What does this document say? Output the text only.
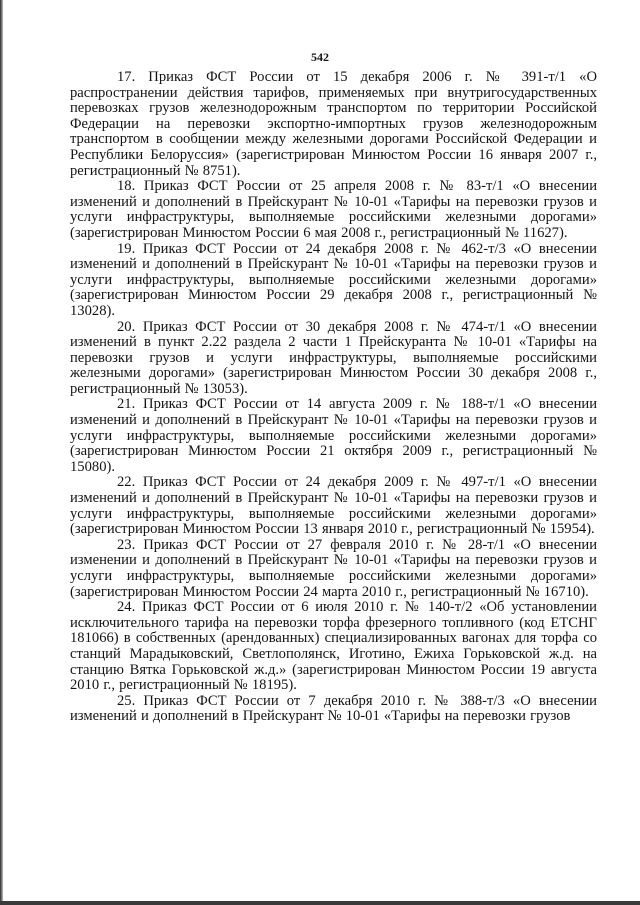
542

17. Приказ ФСТ России от 15 декабря 2006 г. № 391-т/1 «О распространении действия тарифов, применяемых при внутригосударственных перевозках грузов железнодорожным транспортом по территории Российской Федерации на перевозки экспортно-импортных грузов железнодорожным транспортом в сообщении между железными дорогами Российской Федерации и Республики Белоруссия» (зарегистрирован Минюстом России 16 января 2007 г., регистрационный № 8751).

18. Приказ ФСТ России от 25 апреля 2008 г. № 83-т/1 «О внесении изменений и дополнений в Прейскурант № 10-01 «Тарифы на перевозки грузов и услуги инфраструктуры, выполняемые российскими железными дорогами» (зарегистрирован Минюстом России 6 мая 2008 г., регистрационный № 11627).

19. Приказ ФСТ России от 24 декабря 2008 г. № 462-т/3 «О внесении изменений и дополнений в Прейскурант № 10-01 «Тарифы на перевозки грузов и услуги инфраструктуры, выполняемые российскими железными дорогами» (зарегистрирован Минюстом России 29 декабря 2008 г., регистрационный № 13028).

20. Приказ ФСТ России от 30 декабря 2008 г. № 474-т/1 «О внесении изменений в пункт 2.22 раздела 2 части 1 Прейскуранта № 10-01 «Тарифы на перевозки грузов и услуги инфраструктуры, выполняемые российскими железными дорогами» (зарегистрирован Минюстом России 30 декабря 2008 г., регистрационный № 13053).

21. Приказ ФСТ России от 14 августа 2009 г. № 188-т/1 «О внесении изменений и дополнений в Прейскурант № 10-01 «Тарифы на перевозки грузов и услуги инфраструктуры, выполняемые российскими железными дорогами» (зарегистрирован Минюстом России 21 октября 2009 г., регистрационный № 15080).

22. Приказ ФСТ России от 24 декабря 2009 г. № 497-т/1 «О внесении изменений и дополнений в Прейскурант № 10-01 «Тарифы на перевозки грузов и услуги инфраструктуры, выполняемые российскими железными дорогами» (зарегистрирован Минюстом России 13 января 2010 г., регистрационный № 15954).

23. Приказ ФСТ России от 27 февраля 2010 г. № 28-т/1 «О внесении изменении и дополнений в Прейскурант № 10-01 «Тарифы на перевозки грузов и услуги инфраструктуры, выполняемые российскими железными дорогами» (зарегистрирован Минюстом России 24 марта 2010 г., регистрационный № 16710).

24. Приказ ФСТ России от 6 июля 2010 г. № 140-т/2 «Об установлении исключительного тарифа на перевозки торфа фрезерного топливного (код ЕТСНГ 181066) в собственных (арендованных) специализированных вагонах для торфа со станций Марадыковский, Светлополянск, Иготино, Ежиха Горьковской ж.д. на станцию Вятка Горьковской ж.д.» (зарегистрирован Минюстом России 19 августа 2010 г., регистрационный № 18195).

25. Приказ ФСТ России от 7 декабря 2010 г. № 388-т/3 «О внесении изменений и дополнений в Прейскурант № 10-01 «Тарифы на перевозки грузов
